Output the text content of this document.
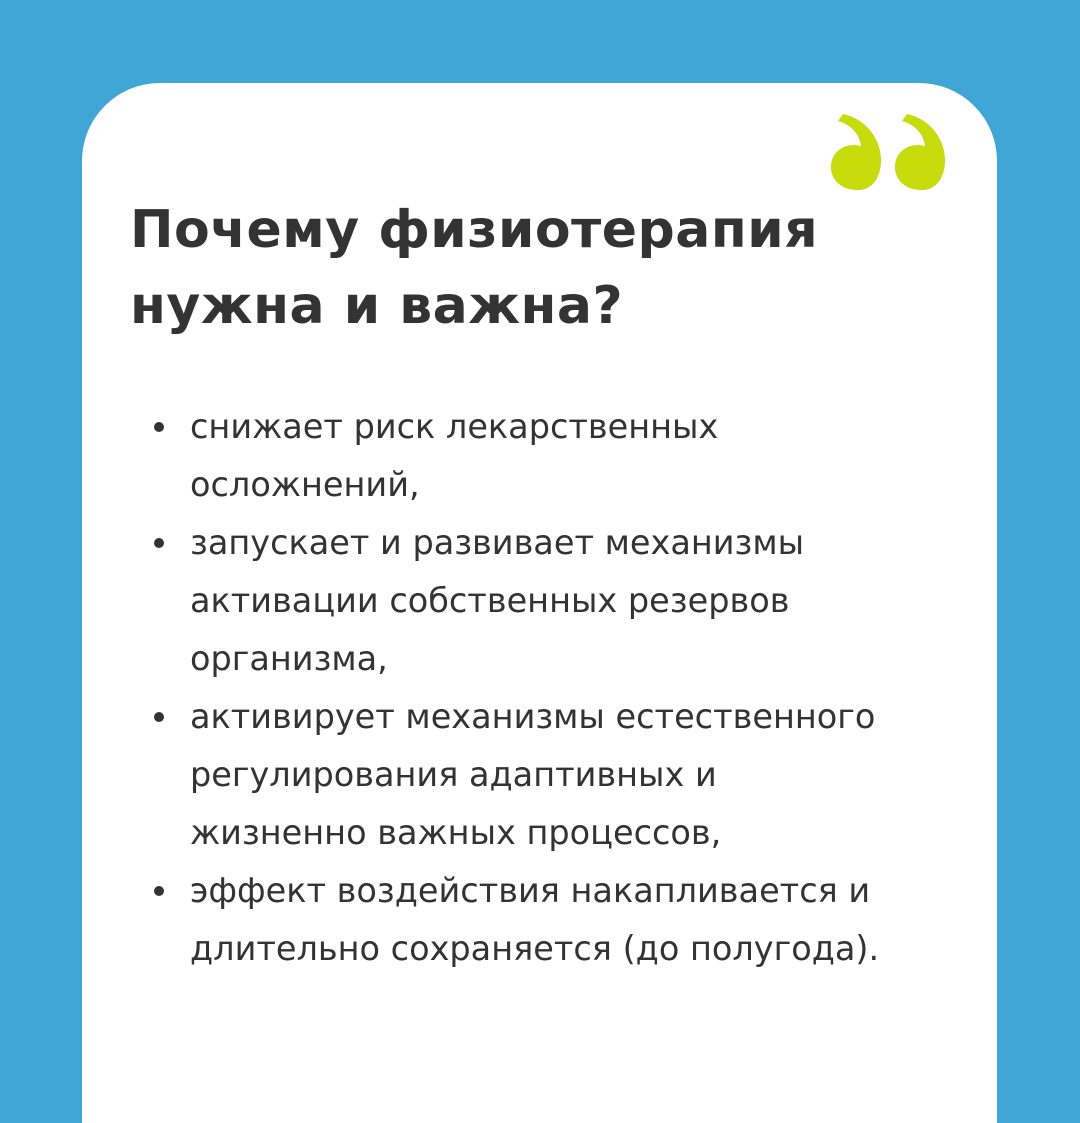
Почему физиотерапия
нужна и важна?
снижает риск лекарственных
осложнений,
запускает и развивает механизмы
активации собственных резервов
организма,
активирует механизмы естественного
регулирования адаптивных и
жизненно важных процессов,
эффект воздействия накапливается и
длительно сохраняется (до полугода).
